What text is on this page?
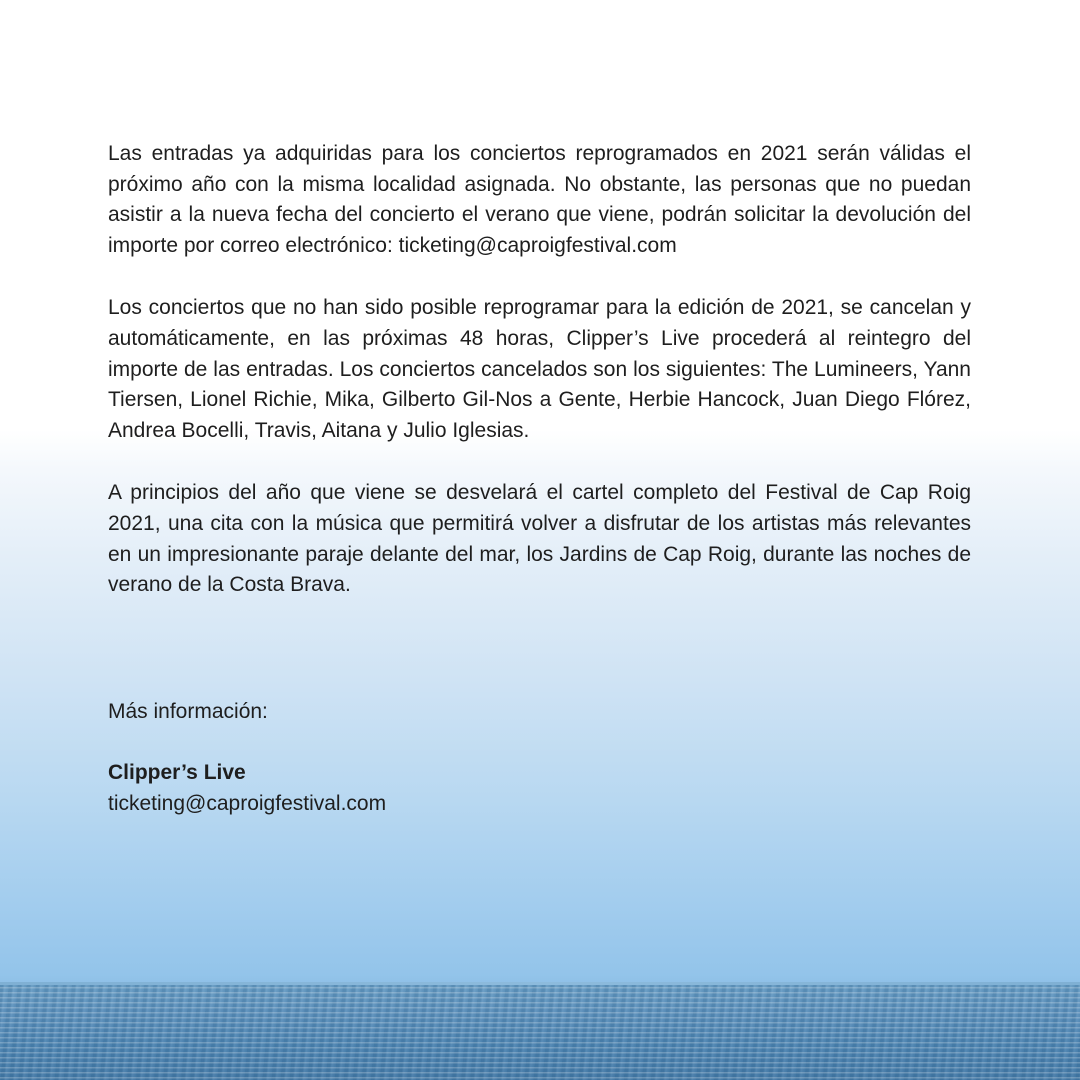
Las entradas ya adquiridas para los conciertos reprogramados en 2021 serán válidas el próximo año con la misma localidad asignada. No obstante, las personas que no puedan asistir a la nueva fecha del concierto el verano que viene, podrán solicitar la devolución del importe por correo electrónico: ticketing@caproigfestival.com

Los conciertos que no han sido posible reprogramar para la edición de 2021, se cancelan y automáticamente, en las próximas 48 horas, Clipper’s Live procederá al reintegro del importe de las entradas. Los conciertos cancelados son los siguientes: The Lumineers, Yann Tiersen, Lionel Richie, Mika, Gilberto Gil-Nos a Gente, Herbie Hancock, Juan Diego Flórez, Andrea Bocelli, Travis, Aitana y Julio Iglesias.

A principios del año que viene se desvelará el cartel completo del Festival de Cap Roig 2021, una cita con la música que permitirá volver a disfrutar de los artistas más relevantes en un impresionante paraje delante del mar, los Jardins de Cap Roig, durante las noches de verano de la Costa Brava.

Más información:

Clipper’s Live
ticketing@caproigfestival.com
